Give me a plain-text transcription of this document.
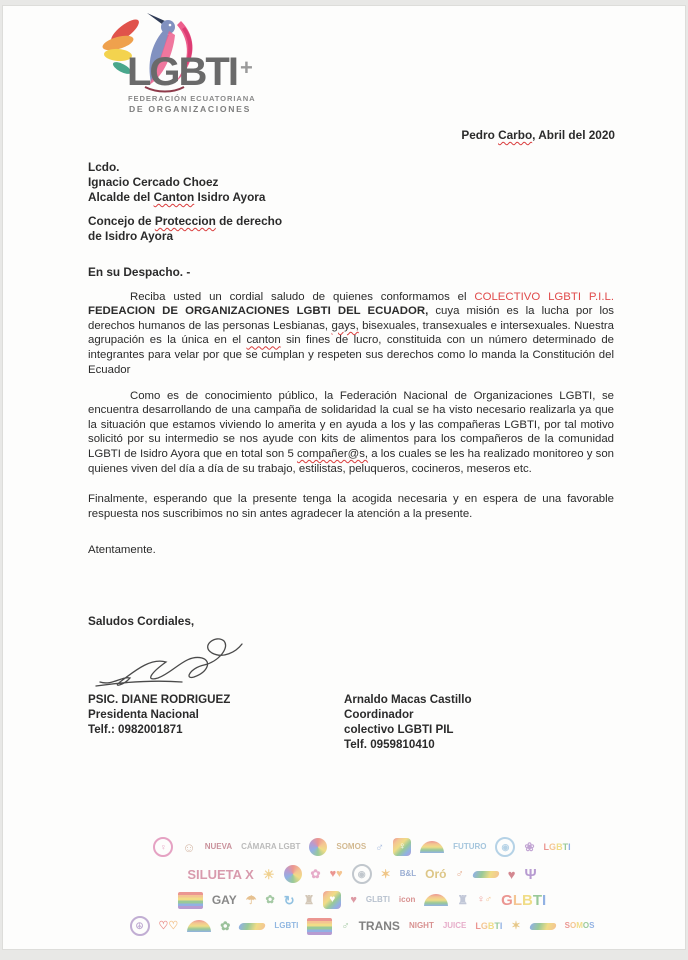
LGBTI +
FEDERACIÓN ECUATORIANA
DE ORGANIZACIONES
Pedro Carbo, Abril del 2020
Lcdo.
Ignacio Cercado Choez
Alcalde del Canton Isidro Ayora
Concejo de Proteccion de derecho
de Isidro Ayora
En su Despacho. -

Reciba usted un cordial saludo de quienes conformamos el COLECTIVO LGBTI P.I.L. FEDEACION DE ORGANIZACIONES LGBTI DEL ECUADOR, cuya misión es la lucha por los derechos humanos de las personas Lesbianas, gays, bisexuales, transexuales e intersexuales. Nuestra agrupación es la única en el canton sin fines de lucro, constituida con un número determinado de integrantes para velar por que se cumplan y respeten sus derechos como lo manda la Constitución del Ecuador

Como es de conocimiento público, la Federación Nacional de Organizaciones LGBTI, se encuentra desarrollando de una campaña de solidaridad la cual se ha visto necesario realizarla ya que la situación que estamos viviendo lo amerita y en ayuda a los y las compañeras LGBTI, por tal motivo solicitó por su intermedio se nos ayude con kits de alimentos para los compañeros de la comunidad LGBTI de Isidro Ayora que en total son 5 compañer@s, a los cuales se les ha realizado monitoreo y son quienes viven del día a día de su trabajo, estilistas, peluqueros, cocineros, meseros etc.

Finalmente, esperando que la presente tenga la acogida necesaria y en espera de una favorable respuesta nos suscribimos no sin antes agradecer la atención a la presente.

Atentamente.
Saludos Cordiales,
PSIC. DIANE RODRIGUEZ
Presidenta Nacional
Telf.: 0982001871
Arnaldo Macas Castillo
Coordinador
colectivo LGBTI PIL
Telf. 0959810410
♀	☺ NUEVA CÁMARA LGBT	SOMOS ♂	♀	FUTURO	◉	❀ L G B T I
SILUETA X ☀	✿ ♥ ♥	◉	✶ B&L Oró ♂	♥ Ψ
GAY ☂ ✿ ↻ ♜	♥	♥ GLBTI icon	♜ ♀ ♂ G L B T I
☮	♡ ♡	✿	LGBTI	♂ TRANS NIGHT JUICE L G B T I ✶	S O M O S
